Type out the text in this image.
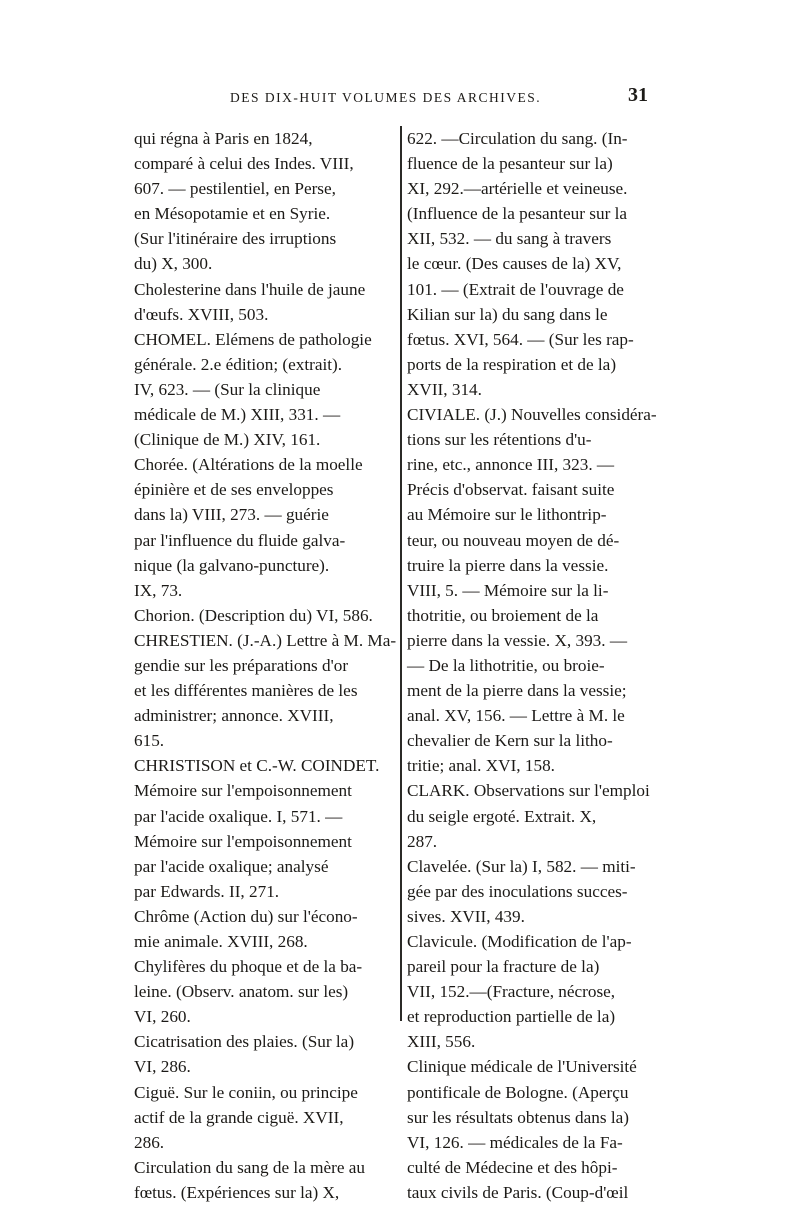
DES DIX-HUIT VOLUMES DES ARCHIVES.	31
qui régna à Paris en 1824,
comparé à celui des Indes. VIII,
607. — pestilentiel, en Perse,
en Mésopotamie et en Syrie.
(Sur l'itinéraire des irruptions
du) X, 300.
Cholesterine dans l'huile de jaune
d'œufs. XVIII, 503.
CHOMEL. Elémens de pathologie
générale. 2.e édition; (extrait).
IV, 623. — (Sur la clinique
médicale de M.) XIII, 331. —
(Clinique de M.) XIV, 161.
Chorée. (Altérations de la moelle
épinière et de ses enveloppes
dans la) VIII, 273. — guérie
par l'influence du fluide galva-
nique (la galvano-puncture).
IX, 73.
Chorion. (Description du) VI, 586.
CHRESTIEN. (J.-A.) Lettre à M. Ma-
gendie sur les préparations d'or
et les différentes manières de les
administrer; annonce. XVIII,
615.
CHRISTISON et C.-W. COINDET.
Mémoire sur l'empoisonnement
par l'acide oxalique. I, 571. —
Mémoire sur l'empoisonnement
par l'acide oxalique; analysé
par Edwards. II, 271.
Chrôme (Action du) sur l'écono-
mie animale. XVIII, 268.
Chylifères du phoque et de la ba-
leine. (Observ. anatom. sur les)
VI, 260.
Cicatrisation des plaies. (Sur la)
VI, 286.
Ciguë. Sur le coniin, ou principe
actif de la grande ciguë. XVII,
286.
Circulation du sang de la mère au
fœtus. (Expériences sur la) X,
622. —Circulation du sang. (In-
fluence de la pesanteur sur la)
XI, 292.—artérielle et veineuse.
(Influence de la pesanteur sur la
XII, 532. — du sang à travers
le cœur. (Des causes de la) XV,
101. — (Extrait de l'ouvrage de
Kilian sur la) du sang dans le
fœtus. XVI, 564. — (Sur les rap-
ports de la respiration et de la)
XVII, 314.
CIVIALE. (J.) Nouvelles considéra-
tions sur les rétentions d'u-
rine, etc., annonce III, 323. —
Précis d'observat. faisant suite
au Mémoire sur le lithontrip-
teur, ou nouveau moyen de dé-
truire la pierre dans la vessie.
VIII, 5. — Mémoire sur la li-
thotritie, ou broiement de la
pierre dans la vessie. X, 393. —
— De la lithotritie, ou broie-
ment de la pierre dans la vessie;
anal. XV, 156. — Lettre à M. le
chevalier de Kern sur la litho-
tritie; anal. XVI, 158.
CLARK. Observations sur l'emploi
du seigle ergoté. Extrait. X,
287.
Clavelée. (Sur la) I, 582. — miti-
gée par des inoculations succes-
sives. XVII, 439.
Clavicule. (Modification de l'ap-
pareil pour la fracture de la)
VII, 152.—(Fracture, nécrose,
et reproduction partielle de la)
XIII, 556.
Clinique médicale de l'Université
pontificale de Bologne. (Aperçu
sur les résultats obtenus dans la)
VI, 126. — médicales de la Fa-
culté de Médecine et des hôpi-
taux civils de Paris. (Coup-d'œil
